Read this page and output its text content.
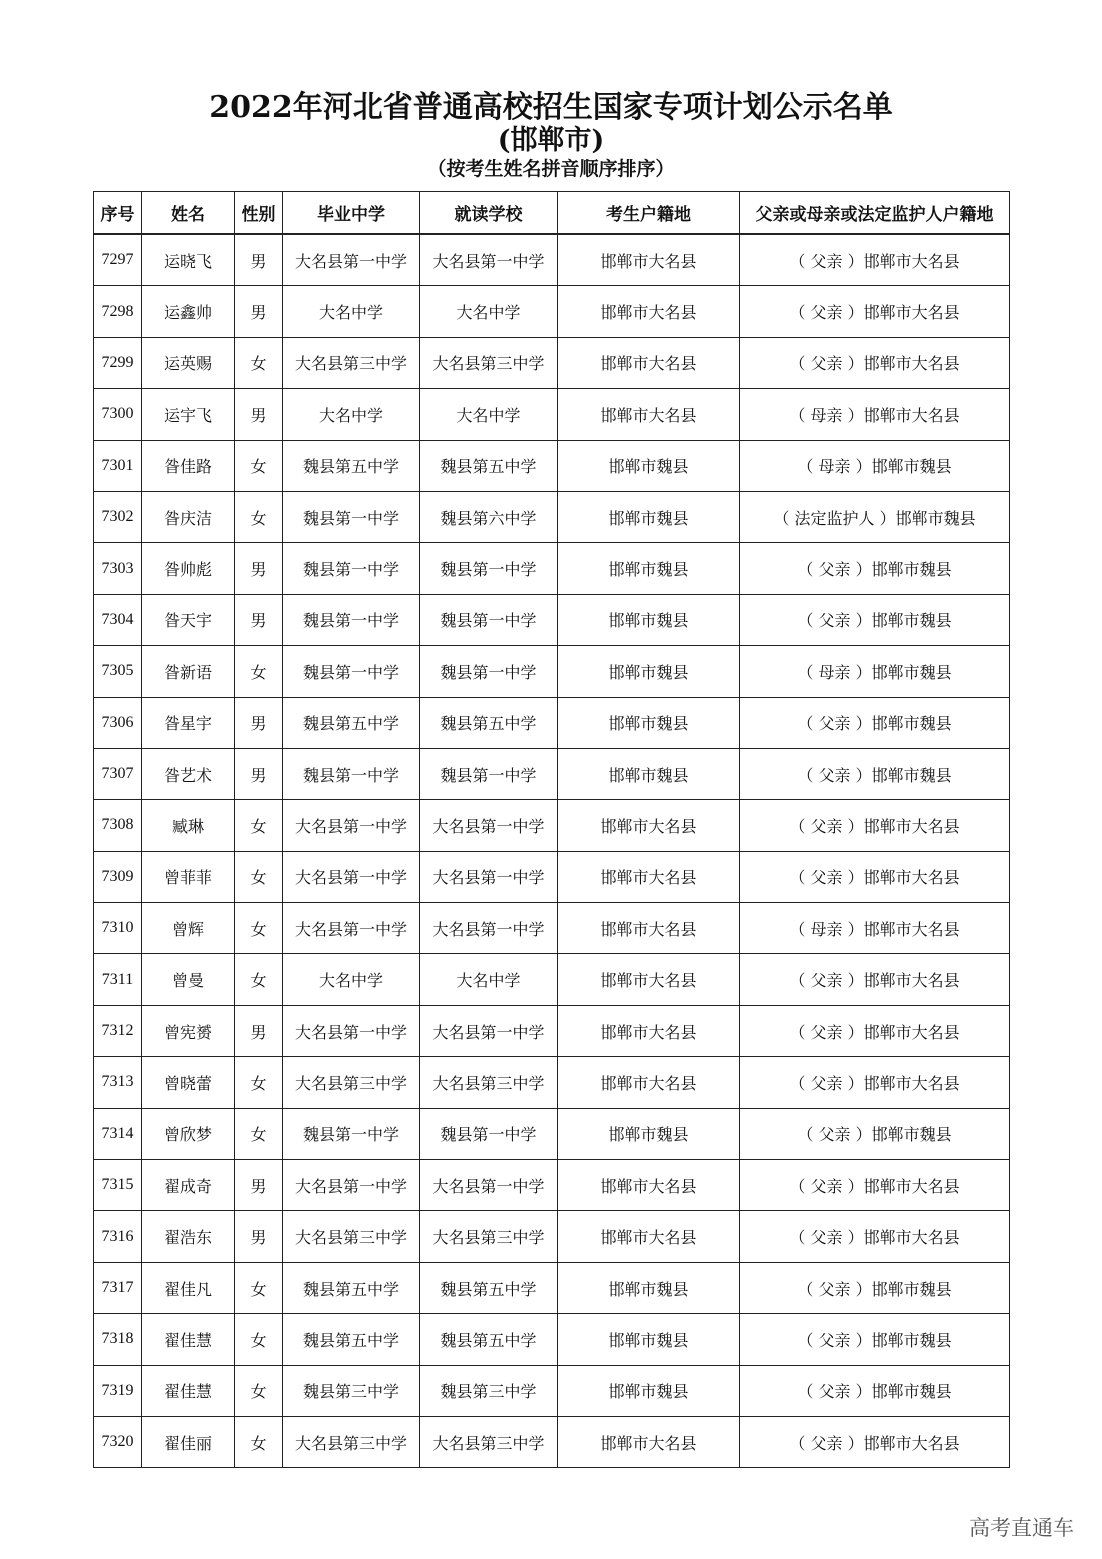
2022年河北省普通高校招生国家专项计划公示名单
(邯郸市)
（按考生姓名拼音顺序排序）
序号	姓名	性别	毕业中学	就读学校	考生户籍地	父亲或母亲或法定监护人户籍地
7297	运晓飞	男	大名县第一中学	大名县第一中学	邯郸市大名县	（ 父亲 ）邯郸市大名县
7298	运鑫帅	男	大名中学	大名中学	邯郸市大名县	（ 父亲 ）邯郸市大名县
7299	运英赐	女	大名县第三中学	大名县第三中学	邯郸市大名县	（ 父亲 ）邯郸市大名县
7300	运宇飞	男	大名中学	大名中学	邯郸市大名县	（ 母亲 ）邯郸市大名县
7301	昝佳路	女	魏县第五中学	魏县第五中学	邯郸市魏县	（ 母亲 ）邯郸市魏县
7302	昝庆洁	女	魏县第一中学	魏县第六中学	邯郸市魏县	（ 法定监护人 ）邯郸市魏县
7303	昝帅彪	男	魏县第一中学	魏县第一中学	邯郸市魏县	（ 父亲 ）邯郸市魏县
7304	昝天宇	男	魏县第一中学	魏县第一中学	邯郸市魏县	（ 父亲 ）邯郸市魏县
7305	昝新语	女	魏县第一中学	魏县第一中学	邯郸市魏县	（ 母亲 ）邯郸市魏县
7306	昝星宇	男	魏县第五中学	魏县第五中学	邯郸市魏县	（ 父亲 ）邯郸市魏县
7307	昝艺术	男	魏县第一中学	魏县第一中学	邯郸市魏县	（ 父亲 ）邯郸市魏县
7308	臧琳	女	大名县第一中学	大名县第一中学	邯郸市大名县	（ 父亲 ）邯郸市大名县
7309	曾菲菲	女	大名县第一中学	大名县第一中学	邯郸市大名县	（ 父亲 ）邯郸市大名县
7310	曾辉	女	大名县第一中学	大名县第一中学	邯郸市大名县	（ 母亲 ）邯郸市大名县
7311	曾曼	女	大名中学	大名中学	邯郸市大名县	（ 父亲 ）邯郸市大名县
7312	曾宪赟	男	大名县第一中学	大名县第一中学	邯郸市大名县	（ 父亲 ）邯郸市大名县
7313	曾晓蕾	女	大名县第三中学	大名县第三中学	邯郸市大名县	（ 父亲 ）邯郸市大名县
7314	曾欣梦	女	魏县第一中学	魏县第一中学	邯郸市魏县	（ 父亲 ）邯郸市魏县
7315	翟成奇	男	大名县第一中学	大名县第一中学	邯郸市大名县	（ 父亲 ）邯郸市大名县
7316	翟浩东	男	大名县第三中学	大名县第三中学	邯郸市大名县	（ 父亲 ）邯郸市大名县
7317	翟佳凡	女	魏县第五中学	魏县第五中学	邯郸市魏县	（ 父亲 ）邯郸市魏县
7318	翟佳慧	女	魏县第五中学	魏县第五中学	邯郸市魏县	（ 父亲 ）邯郸市魏县
7319	翟佳慧	女	魏县第三中学	魏县第三中学	邯郸市魏县	（ 父亲 ）邯郸市魏县
7320	翟佳丽	女	大名县第三中学	大名县第三中学	邯郸市大名县	（ 父亲 ）邯郸市大名县
高考直通车
